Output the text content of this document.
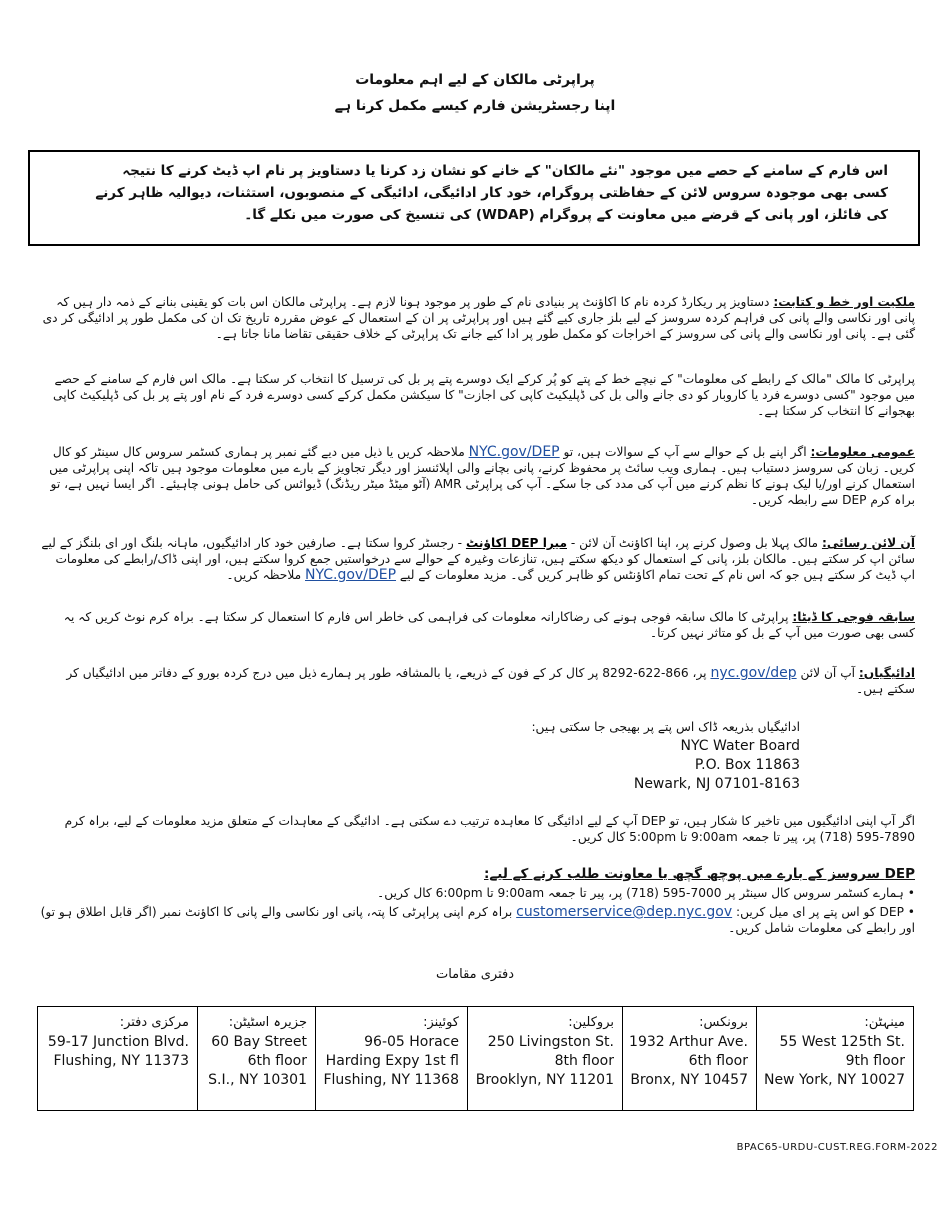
پراپرٹی مالکان کے لیے اہم معلومات
اپنا رجسٹریشن فارم کیسے مکمل کرنا ہے
اس فارم کے سامنے کے حصے میں موجود "نئے مالکان" کے خانے کو نشان زد کرنا یا دستاویز پر نام اپ ڈیٹ کرنے کا نتیجہ کسی بھی موجودہ سروس لائن کے حفاظتی پروگرام، خود کار ادائیگی، ادائیگی کے منصوبوں، استثنات، دیوالیہ ظاہر کرنے کی فائلز، اور پانی کے قرضے میں معاونت کے پروگرام (WDAP) کی تنسیخ کی صورت میں نکلے گا۔
ملکیت اور خط و کتابت: دستاویز پر ریکارڈ کردہ نام کا اکاؤنٹ پر بنیادی نام کے طور پر موجود ہونا لازم ہے۔ پراپرٹی مالکان اس بات کو یقینی بنانے کے ذمہ دار ہیں کہ پانی اور نکاسی والے پانی کی فراہم کردہ سروسز کے لیے بلز جاری کیے گئے ہیں اور پراپرٹی پر ان کے استعمال کے عوض مقررہ تاریخ تک ان کی مکمل طور پر ادائیگی کر دی گئی ہے۔ پانی اور نکاسی والے پانی کی سروسز کے اخراجات کو مکمل طور پر ادا کیے جانے تک پراپرٹی کے خلاف حقیقی تقاضا مانا جاتا ہے۔
پراپرٹی کا مالک "مالک کے رابطے کی معلومات" کے نیچے خط کے پتے کو پُر کرکے ایک دوسرے پتے پر بل کی ترسیل کا انتخاب کر سکتا ہے۔ مالک اس فارم کے سامنے کے حصے میں موجود "کسی دوسرے فرد یا کاروبار کو دی جانے والی بل کی ڈپلیکیٹ کاپی کی اجازت" کا سیکشن مکمل کرکے کسی دوسرے فرد کے نام اور پتے پر بل کی ڈپلیکیٹ کاپی بھجوانے کا انتخاب کر سکتا ہے۔
عمومی معلومات: اگر اپنے بل کے حوالے سے آپ کے سوالات ہیں، تو NYC.gov/DEP ملاحظہ کریں یا ذیل میں دیے گئے نمبر پر ہماری کسٹمر سروس کال سینٹر کو کال کریں۔ زبان کی سروسز دستیاب ہیں۔ ہماری ویب سائٹ پر محفوظ کرنے، پانی بچانے والی اپلائنسز اور دیگر تجاویز کے بارے میں معلومات موجود ہیں تاکہ اپنی پراپرٹی میں استعمال کرنے اور/یا لیک ہونے کا نظم کرنے میں آپ کی مدد کی جا سکے۔ آپ کی پراپرٹی AMR (آٹو میٹڈ میٹر ریڈنگ) ڈیوائس کی حامل ہونی چاہیئے۔ اگر ایسا نہیں ہے، تو براہ کرم DEP سے رابطہ کریں۔
آن لائن رسائی: مالک پہلا بل وصول کرنے پر، اپنا اکاؤنٹ آن لائن - میرا DEP اکاؤنٹ - رجسٹر کروا سکتا ہے۔ صارفین خود کار ادائیگیوں، ماہانہ بلنگ اور ای بلنگز کے لیے سائن اپ کر سکتے ہیں۔ مالکان بلز، پانی کے استعمال کو دیکھ سکتے ہیں، تنازعات وغیرہ کے حوالے سے درخواستیں جمع کروا سکتے ہیں، اور اپنی ڈاک/رابطے کی معلومات اپ ڈیٹ کر سکتے ہیں جو کہ اس نام کے تحت تمام اکاؤنٹس کو ظاہر کریں گی۔ مزید معلومات کے لیے NYC.gov/DEP ملاحظہ کریں۔
سابقہ فوجی کا ڈیٹا: پراپرٹی کا مالک سابقہ فوجی ہونے کی رضاکارانہ معلومات کی فراہمی کی خاطر اس فارم کا استعمال کر سکتا ہے۔ براہ کرم نوٹ کریں کہ یہ کسی بھی صورت میں آپ کے بل کو متاثر نہیں کرتا۔
ادائیگیاں: آپ آن لائن nyc.gov/dep پر، 866-622-8292 پر کال کر کے فون کے ذریعے، یا بالمشافہ طور پر ہمارے ذیل میں درج کردہ بورو کے دفاتر میں ادائیگیاں کر سکتے ہیں۔
ادائیگیاں بذریعہ ڈاک اس پتے پر بھیجی جا سکتی ہیں:
NYC Water Board
P.O. Box 11863
Newark, NJ 07101-8163
اگر آپ اپنی ادائیگیوں میں تاخیر کا شکار ہیں، تو DEP آپ کے لیے ادائیگی کا معاہدہ ترتیب دے سکتی ہے۔ ادائیگی کے معاہدات کے متعلق مزید معلومات کے لیے، براہ کرم 7890-595 (718) پر، پیر تا جمعہ 9:00am تا 5:00pm کال کریں۔
DEP سروسز کے بارے میں پوچھ گچھ یا معاونت طلب کرنے کے لیے:
• ہمارے کسٹمر سروس کال سینٹر پر 7000-595 (718) پر، پیر تا جمعہ 9:00am تا 6:00pm کال کریں۔
• DEP کو اس پتے پر ای میل کریں: customerservice@dep.nyc.gov براہ کرم اپنی پراپرٹی کا پتہ، پانی اور نکاسی والے پانی کا اکاؤنٹ نمبر (اگر قابل اطلاق ہو تو) اور رابطے کی معلومات شامل کریں۔
دفتری مقامات
مرکزی دفتر:
59-17 Junction Blvd.
Flushing, NY 11373

جزیرہ اسٹیٹن:
60 Bay Street
6th floor
S.I., NY 10301

کوئینز:
96-05 Horace
Harding Expy 1st fl
Flushing, NY 11368

بروکلین:
250 Livingston St.
8th floor
Brooklyn, NY 11201

برونکس:
1932 Arthur Ave.
6th floor
Bronx, NY 10457

مینہٹن:
55 West 125th St.
9th floor
New York, NY 10027
BPAC65-URDU-CUST.REG.FORM-2022
